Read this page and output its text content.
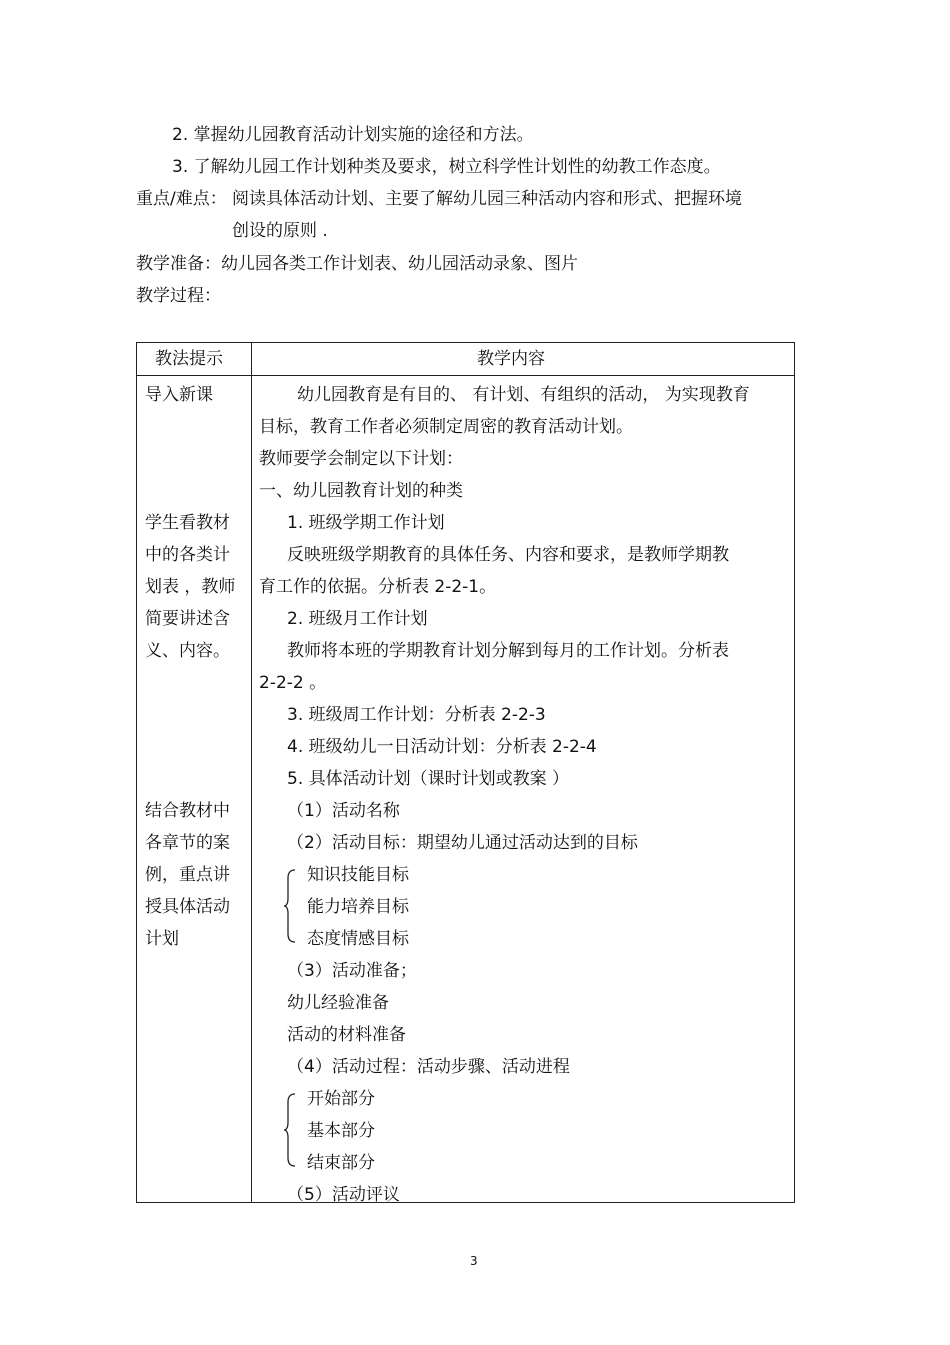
2. 掌握幼儿园教育活动计划实施的途径和方法。
3. 了解幼儿园工作计划种类及要求，树立科学性计划性的幼教工作态度。
重点/难点： 阅读具体活动计划、主要了解幼儿园三种活动内容和形式、把握环境
创设的原则 .
教学准备：幼儿园各类工作计划表、幼儿园活动录象、图片
教学过程：
教法提示	教学内容
导入新课
学生看教材
中的各类计
划表 ，教师
简要讲述含
义、内容。
结合教材中
各章节的案
例，重点讲
授具体活动
计划
幼儿园教育是有目的、 有计划、有组织的活动， 为实现教育
目标，教育工作者必须制定周密的教育活动计划。
教师要学会制定以下计划：
一、幼儿园教育计划的种类
1. 班级学期工作计划
反映班级学期教育的具体任务、内容和要求，是教师学期教
育工作的依据。分析表 2-2-1。
2. 班级月工作计划
教师将本班的学期教育计划分解到每月的工作计划。分析表
2-2-2 。
3. 班级周工作计划：分析表 2-2-3
4. 班级幼儿一日活动计划：分析表 2-2-4
5. 具体活动计划（课时计划或教案 ）
（1）活动名称
（2）活动目标：期望幼儿通过活动达到的目标
知识技能目标
能力培养目标
态度情感目标
（3）活动准备；
幼儿经验准备
活动的材料准备
（4）活动过程：活动步骤、活动进程
开始部分
基本部分
结束部分
（5）活动评议
3
